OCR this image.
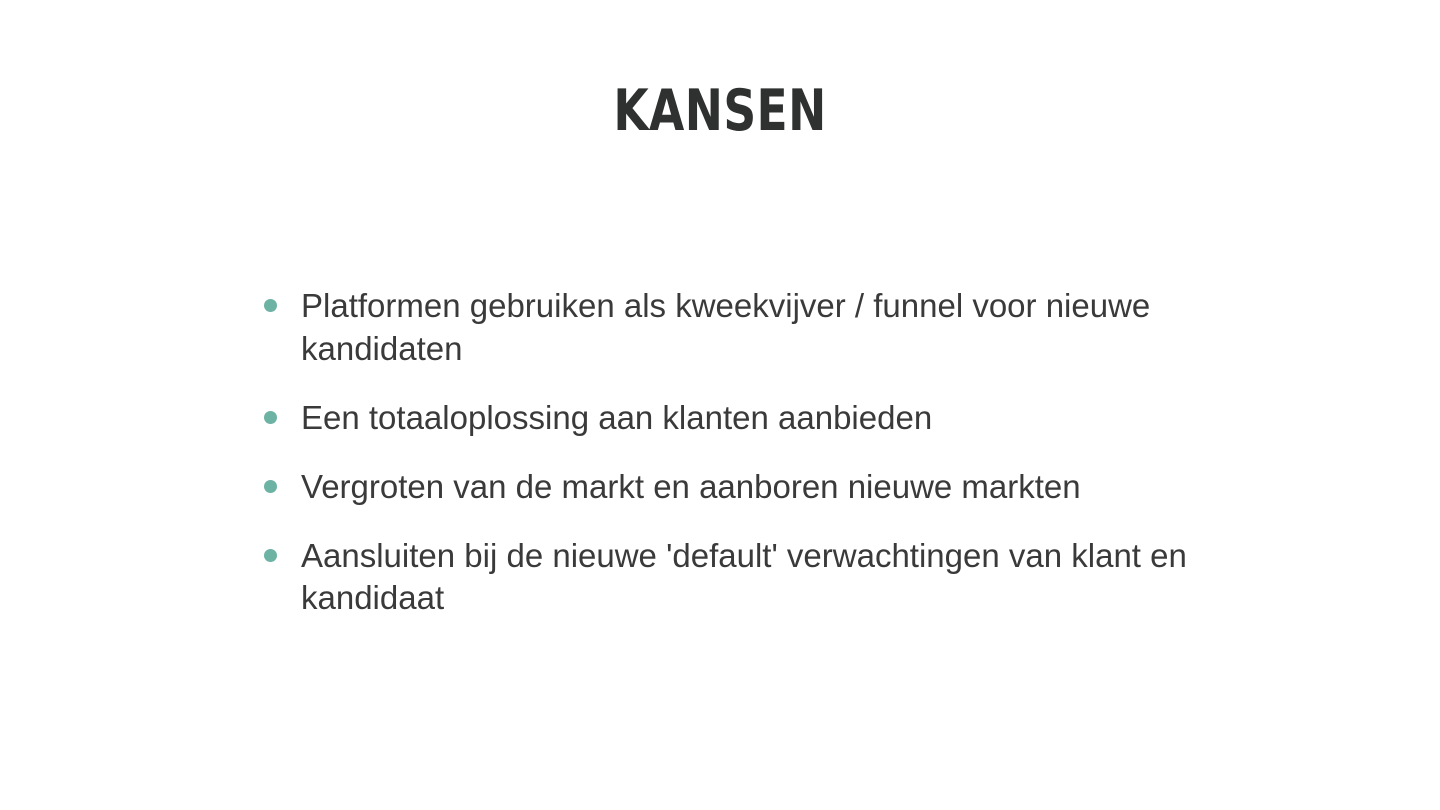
KANSEN
Platformen gebruiken als kweekvijver / funnel voor nieuwe kandidaten
Een totaaloplossing aan klanten aanbieden
Vergroten van de markt en aanboren nieuwe markten
Aansluiten bij de nieuwe 'default' verwachtingen van klant en kandidaat
